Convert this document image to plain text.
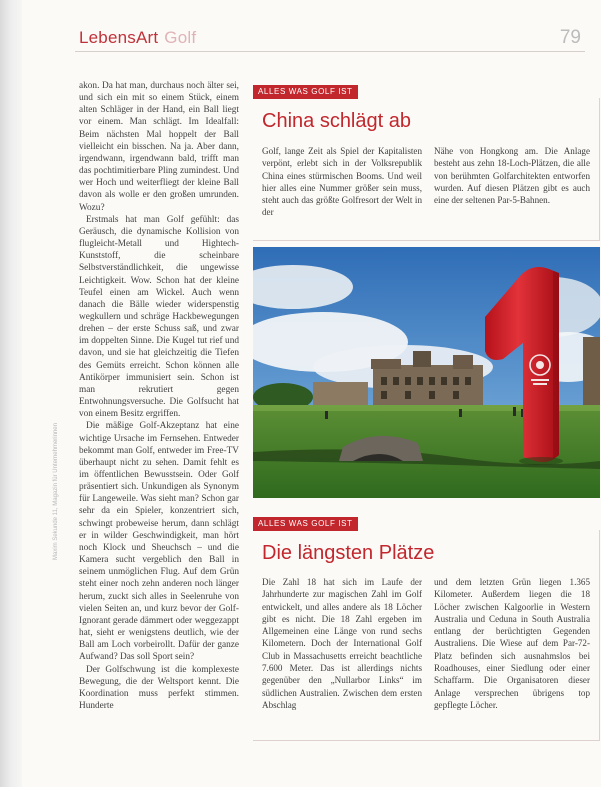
LebensArt Golf	79
Maxim Sekunde 11, Magazin für Unternehmerinnen

akon. Da hat man, durchaus noch älter sei, und sich ein mit so einem Stück, einem alten Schläger in der Hand, ein Ball liegt vor einem. Man schlägt. Im Idealfall: Beim nächsten Mal hoppelt der Ball vielleicht ein bisschen. Na ja. Aber dann, irgendwann, irgendwann bald, trifft man das pochtimitierbare Pling zumindest. Und wer Hoch und weiterfliegt der kleine Ball davon als wolle er den großen umrunden. Wozu?

Erstmals hat man Golf gefühlt: das Geräusch, die dynamische Kollision von flugleicht-Metall und Hightech-Kunststoff, die scheinbare Selbstverständlichkeit, die ungewisse Leichtigkeit. Wow. Schon hat der kleine Teufel einen am Wickel. Auch wenn danach die Bälle wieder widerspenstig wegkullern und schräge Hackbewegungen drehen – der erste Schuss saß, und zwar im doppelten Sinne. Die Kugel tut rief und davon, und sie hat gleichzeitig die Tiefen des Gemüts erreicht. Schon können alle Antikörper immunisiert sein. Schon ist man rekrutiert gegen Entwohnungsversuche. Die Golfsucht hat von einem Besitz ergriffen.

Die mäßige Golf-Akzeptanz hat eine wichtige Ursache im Fernsehen. Entweder bekommt man Golf, entweder im Free-TV überhaupt nicht zu sehen. Damit fehlt es im öffentlichen Bewusstsein. Oder Golf präsentiert sich. Unkundigen als Synonym für Langeweile. Was sieht man? Schon gar sehr da ein Spieler, konzentriert sich, schwingt probeweise herum, dann schlägt er in wilder Geschwindigkeit, man hört noch Klock und Sheuchsch – und die Kamera sucht vergeblich den Ball in seinem unmöglichen Flug. Auf dem Grün steht einer noch zehn anderen noch länger herum, zuckt sich alles in Seelenruhe von vielen Seiten an, und kurz bevor der Golf-Ignorant gerade dämmert oder weggezappt hat, sieht er wenigstens deutlich, wie der Ball am Loch vorbeirollt. Dafür der ganze Aufwand? Das soll Sport sein?

Der Golfschwung ist die komplexeste Bewegung, die der Weltsport kennt. Die Koordination muss perfekt stimmen. Hunderte

ALLES WAS GOLF IST
China schlägt ab
Golf, lange Zeit als Spiel der Kapitalisten verpönt, erlebt sich in der Volksrepublik China eines stürmischen Booms. Und weil hier alles eine Nummer größer sein muss, steht auch das größte Golfresort der Welt in der
Nähe von Hongkong am. Die Anlage besteht aus zehn 18-Loch-Plätzen, die alle von berühmten Golfarchitekten entworfen wurden. Auf diesen Plätzen gibt es auch eine der seltenen Par-5-Bahnen.
ALLES WAS GOLF IST
Die längsten Plätze
Die Zahl 18 hat sich im Laufe der Jahrhunderte zur magischen Zahl im Golf entwickelt, und alles andere als 18 Löcher gibt es nicht. Die 18 Zahl ergeben im Allgemeinen eine Länge von rund sechs Kilometern. Doch der International Golf Club in Massachusetts erreicht beachtliche 7.600 Meter. Das ist allerdings nichts gegenüber den „Nullarbor Links“ im südlichen Australien. Zwischen dem ersten Abschlag
und dem letzten Grün liegen 1.365 Kilometer. Außerdem liegen die 18 Löcher zwischen Kalgoorlie in Western Australia und Ceduna in South Australia entlang der berüchtigten Gegenden Australiens. Die Wiese auf dem Par-72-Platz befinden sich ausnahmslos bei Roadhouses, einer Siedlung oder einer Schaffarm. Die Organisatoren dieser Anlage versprechen übrigens top gepflegte Löcher.
